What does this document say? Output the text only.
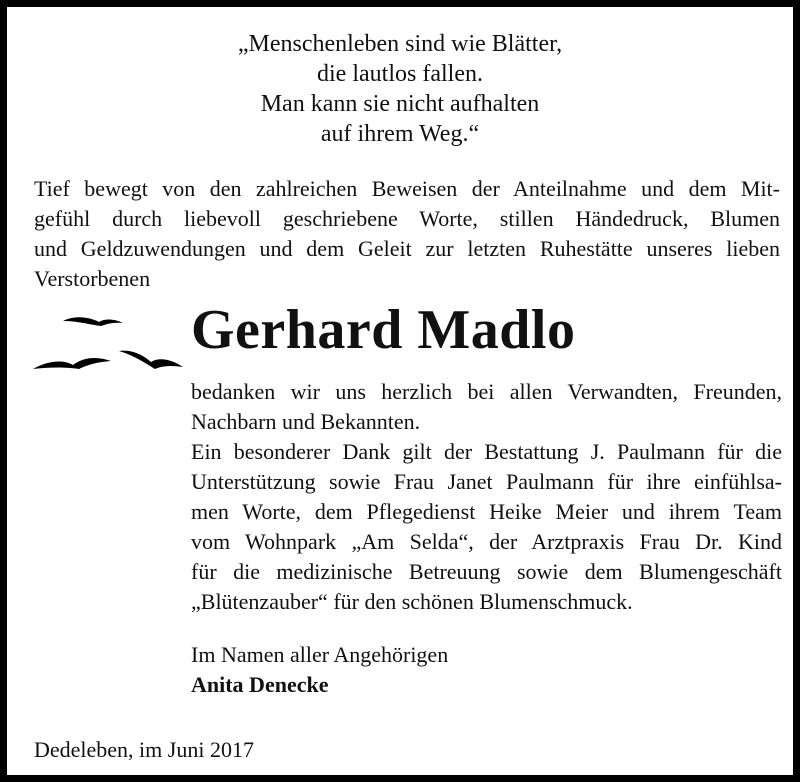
„Menschenleben sind wie Blätter,
die lautlos fallen.
Man kann sie nicht aufhalten
auf ihrem Weg.“
Tief bewegt von den zahlreichen Beweisen der Anteilnahme und dem Mit-
gefühl durch liebevoll geschriebene Worte, stillen Händedruck, Blumen
und Geldzuwendungen und dem Geleit zur letzten Ruhestätte unseres lieben
Verstorbenen
Gerhard Madlo
bedanken wir uns herzlich bei allen Verwandten, Freunden,
Nachbarn und Bekannten.
Ein besonderer Dank gilt der Bestattung J. Paulmann für die
Unterstützung sowie Frau Janet Paulmann für ihre einfühlsa-
men Worte, dem Pflegedienst Heike Meier und ihrem Team
vom Wohnpark „Am Selda“, der Arztpraxis Frau Dr. Kind
für die medizinische Betreuung sowie dem Blumengeschäft
„Blütenzauber“ für den schönen Blumenschmuck.
Im Namen aller Angehörigen
Anita Denecke
Dedeleben, im Juni 2017
